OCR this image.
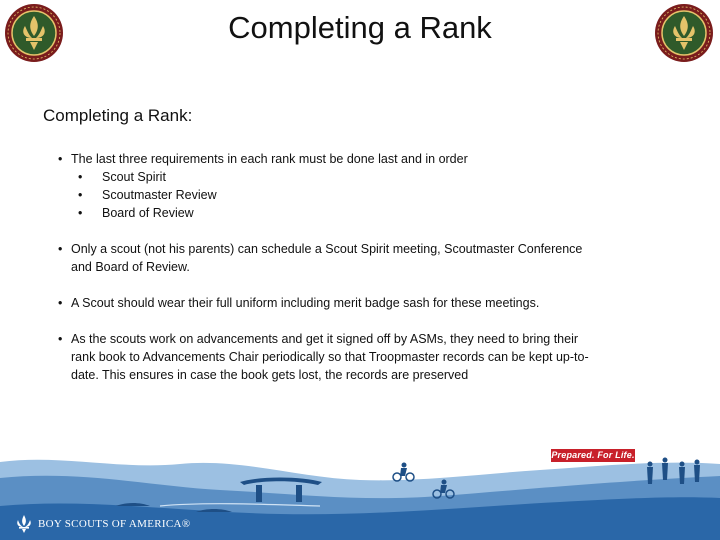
Completing a Rank
Completing a Rank:
• The last three requirements in each rank must be done last and in order
• Scout Spirit
• Scoutmaster Review
• Board of Review
• Only a scout (not his parents) can schedule a Scout Spirit meeting, Scoutmaster Conference
and Board of Review.
• A Scout should wear their full uniform including merit badge sash for these meetings.
• As the scouts work on advancements and get it signed off by ASMs, they need to bring their
rank book to Advancements Chair periodically so that Troopmaster records can be kept up-to-
date. This ensures in case the book gets lost, the records are preserved
Prepared. For Life.
BOY SCOUTS OF AMERICA®
